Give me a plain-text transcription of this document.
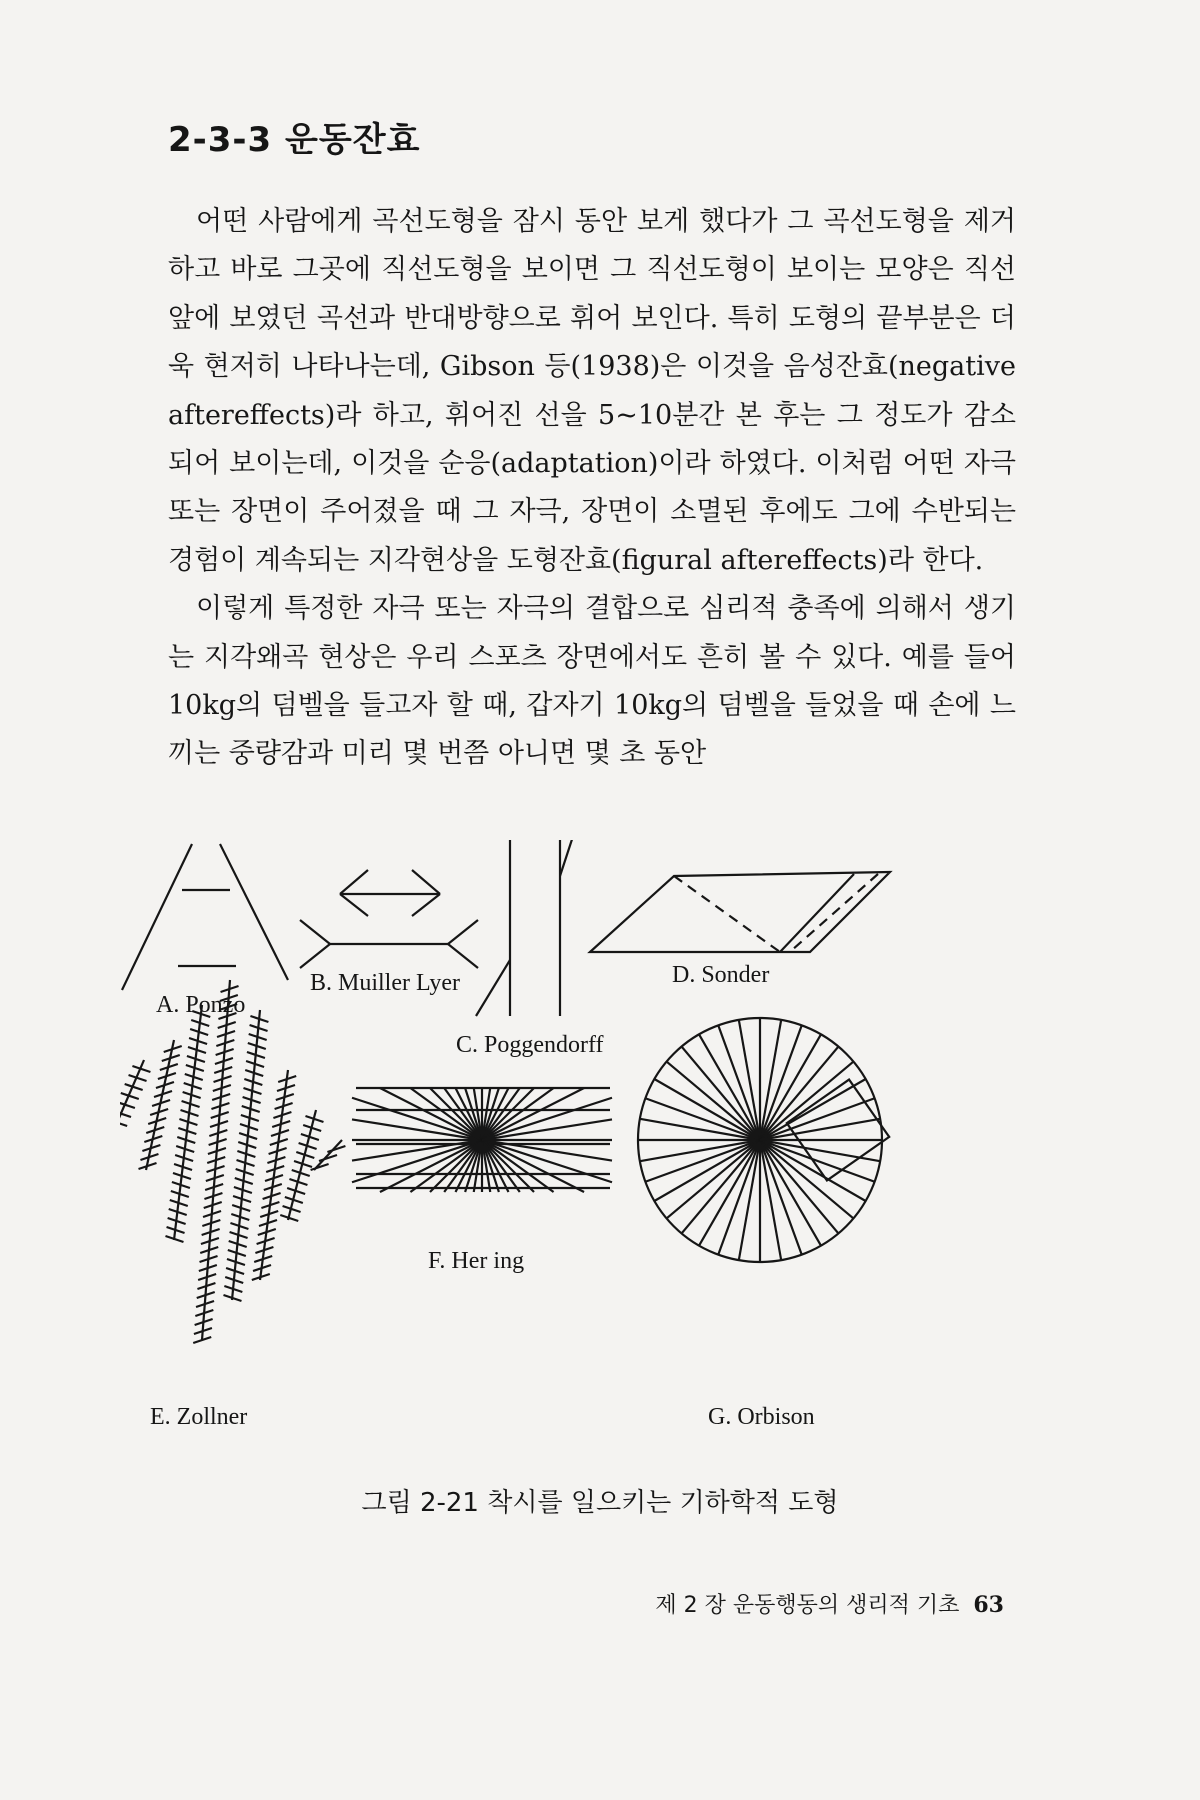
2-3-3 운동잔효

어떤 사람에게 곡선도형을 잠시 동안 보게 했다가 그 곡선도형을 제거하고 바로 그곳에 직선도형을 보이면 그 직선도형이 보이는 모양은 직선 앞에 보였던 곡선과 반대방향으로 휘어 보인다. 특히 도형의 끝부분은 더욱 현저히 나타나는데, Gibson 등(1938)은 이것을 음성잔효(negative aftereffects)라 하고, 휘어진 선을 5~10분간 본 후는 그 정도가 감소되어 보이는데, 이것을 순응(adaptation)이라 하였다. 이처럼 어떤 자극 또는 장면이 주어졌을 때 그 자극, 장면이 소멸된 후에도 그에 수반되는 경험이 계속되는 지각현상을 도형잔효(figural aftereffects)라 한다.

이렇게 특정한 자극 또는 자극의 결합으로 심리적 충족에 의해서 생기는 지각왜곡 현상은 우리 스포츠 장면에서도 흔히 볼 수 있다. 예를 들어 10kg의 덤벨을 들고자 할 때, 갑자기 10kg의 덤벨을 들었을 때 손에 느끼는 중량감과 미리 몇 번쯤 아니면 몇 초 동안

A. Ponzo
B. Muiller Lyer
C. Poggendorff
D. Sonder
E. Zollner
F. Her ing
G. Orbison
그림 2-21 착시를 일으키는 기하학적 도형
제 2 장 운동행동의 생리적 기초 63
